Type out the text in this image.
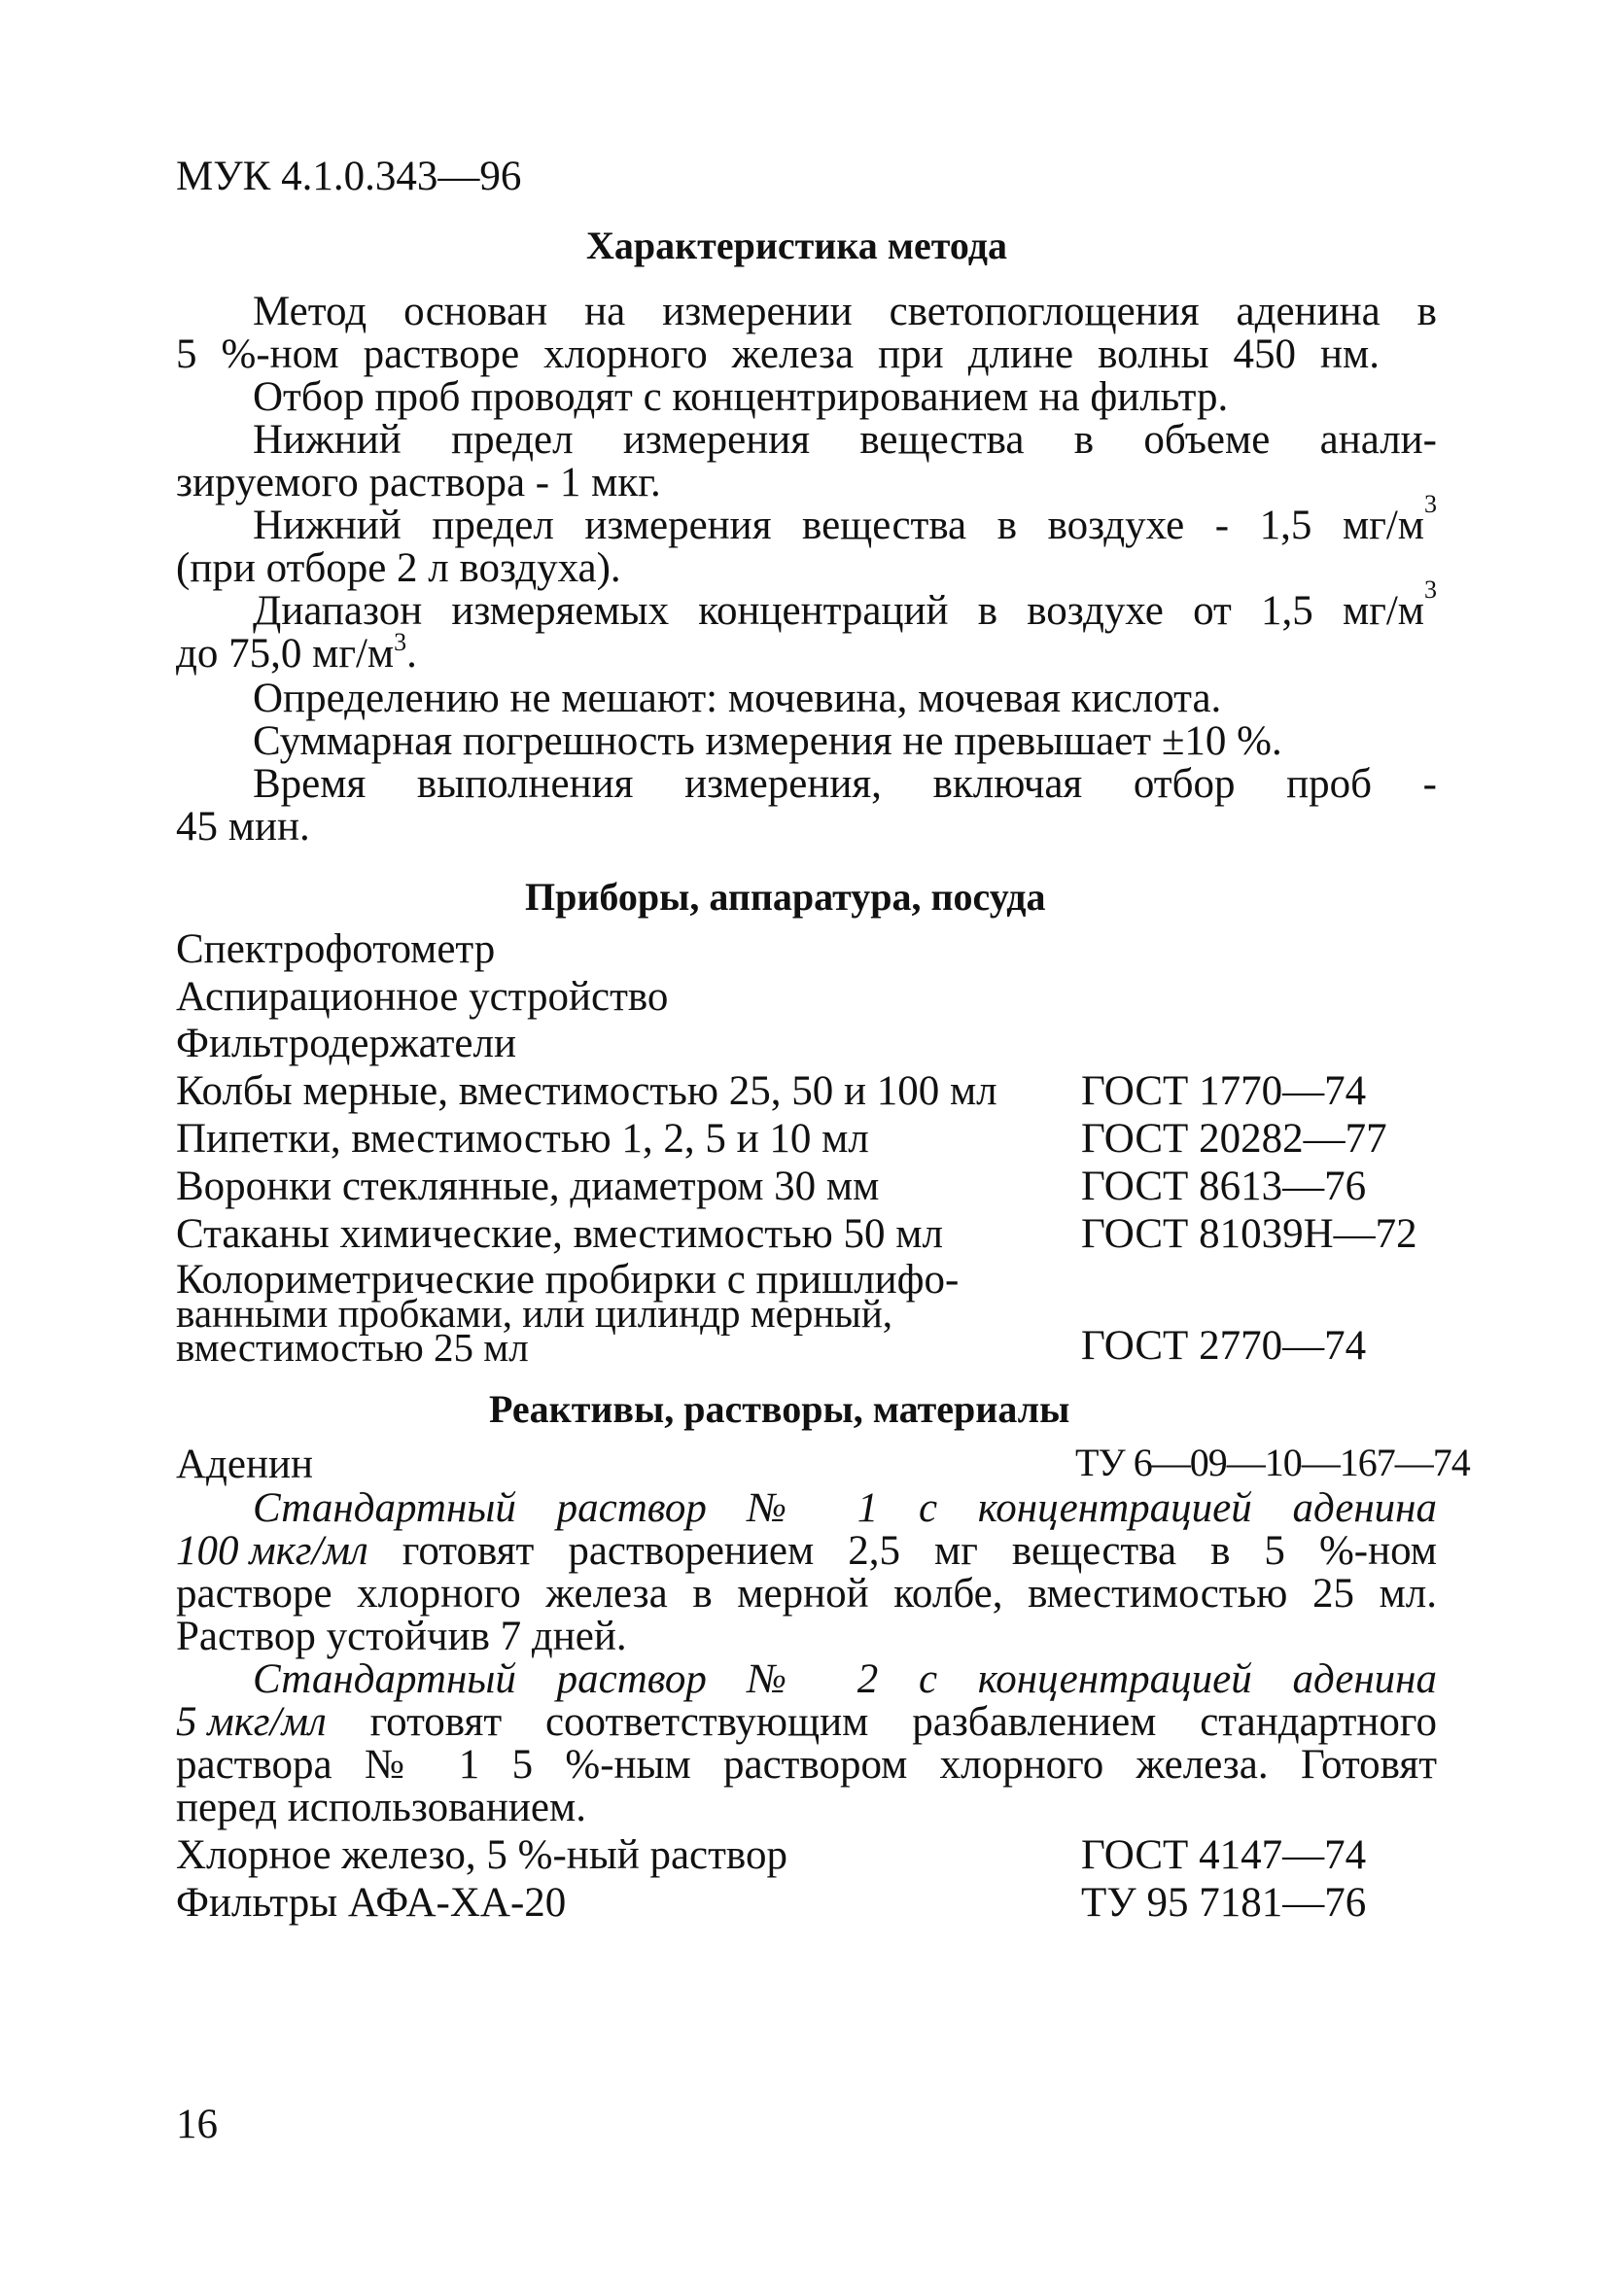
МУК 4.1.0.343—96
Характеристика метода
Метод основан на измерении светопоглощения аденина в
5 %-ном растворе хлорного железа при длине волны 450 нм.
Отбор проб проводят с концентрированием на фильтр.
Нижний предел измерения вещества в объеме анали-
зируемого раствора - 1 мкг.
Нижний предел измерения вещества в воздухе - 1,5 мг/м 3
(при отборе 2 л воздуха).
Диапазон измеряемых концентраций в воздухе от 1,5 мг/м 3
до 75,0 $мг/м^3$.
Определению не мешают: мочевина, мочевая кислота.
Суммарная погрешность измерения не превышает ±10 %.
Время выполнения измерения, включая отбор проб -
45 мин.
Приборы, аппаратура, посуда
Спектрофотометр
Аспирационное устройство
Фильтродержатели
Колбы мерные, вместимостью 25, 50 и 100 мл ГОСТ 1770—74
Пипетки, вместимостью 1, 2, 5 и 10 мл	ГОСТ 20282—77
Воронки стеклянные, диаметром 30 мм	ГОСТ 8613—76
Стаканы химические, вместимостью 50 мл	ГОСТ 81039Н—72
Колориметрические пробирки с пришлифо-
ванными пробками, или цилиндр мерный,
вместимостью 25 мл	ГОСТ 2770—74
Реактивы, растворы, материалы
Аденин	ТУ 6—09—10—167—74
Стандартный раствор № 1 с концентрацией аденина
100 мкг/мл готовят растворением 2,5 мг вещества в 5 %-ном
растворе хлорного железа в мерной колбе, вместимостью 25 мл.
Раствор устойчив 7 дней.
Стандартный раствор № 2 с концентрацией аденина
5 мкг/мл готовят соответствующим разбавлением стандартного
раствора № 1 5 %-ным раствором хлорного железа. Готовят
перед использованием.
Хлорное железо, 5 %-ный раствор	ГОСТ 4147—74
Фильтры АФА-ХА-20	ТУ 95 7181—76
16
